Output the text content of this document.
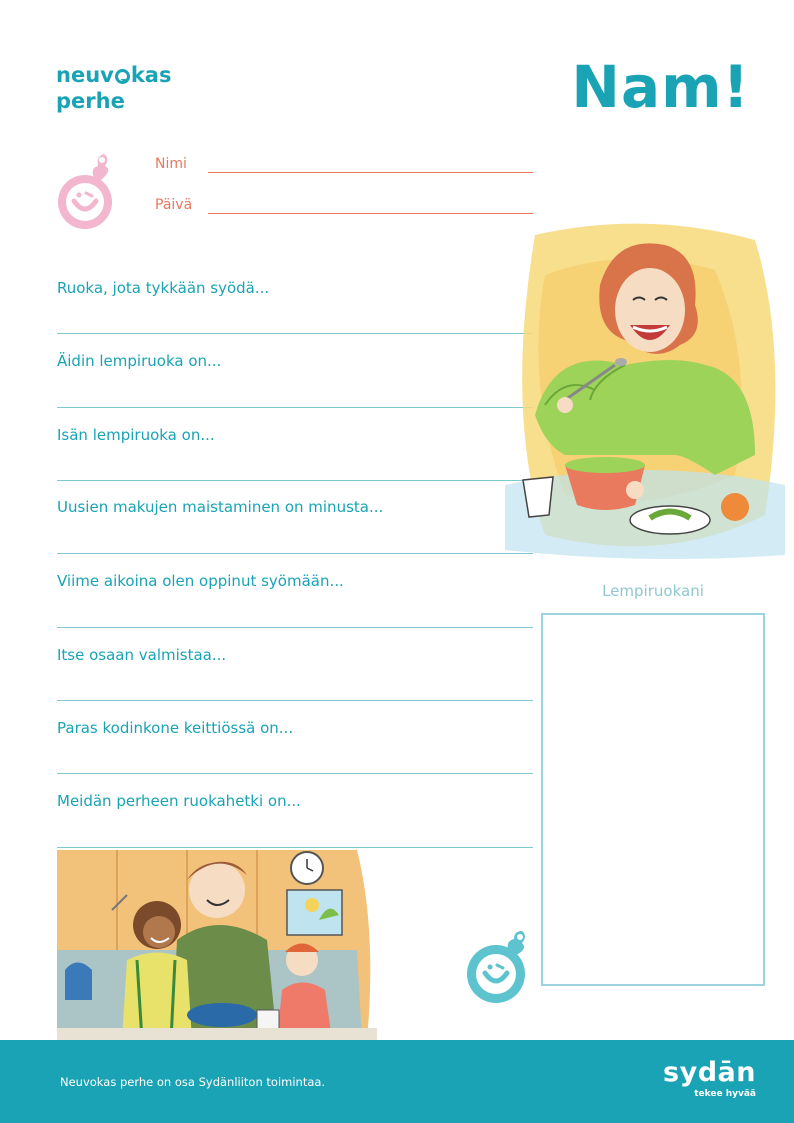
neuv kas
perhe	Nam!
Nimi
Päivä
Ruoka, jota tykkään syödä...
Äidin lempiruoka on...
Isän lempiruoka on...
Uusien makujen maistaminen on minusta...
Viime aikoina olen oppinut syömään...
Itse osaan valmistaa...
Paras kodinkone keittiössä on...
Meidän perheen ruokahetki on...
Lempiruokani
Neuvokas perhe on osa Sydänliiton toimintaa.	sydān
tekee hyvää
